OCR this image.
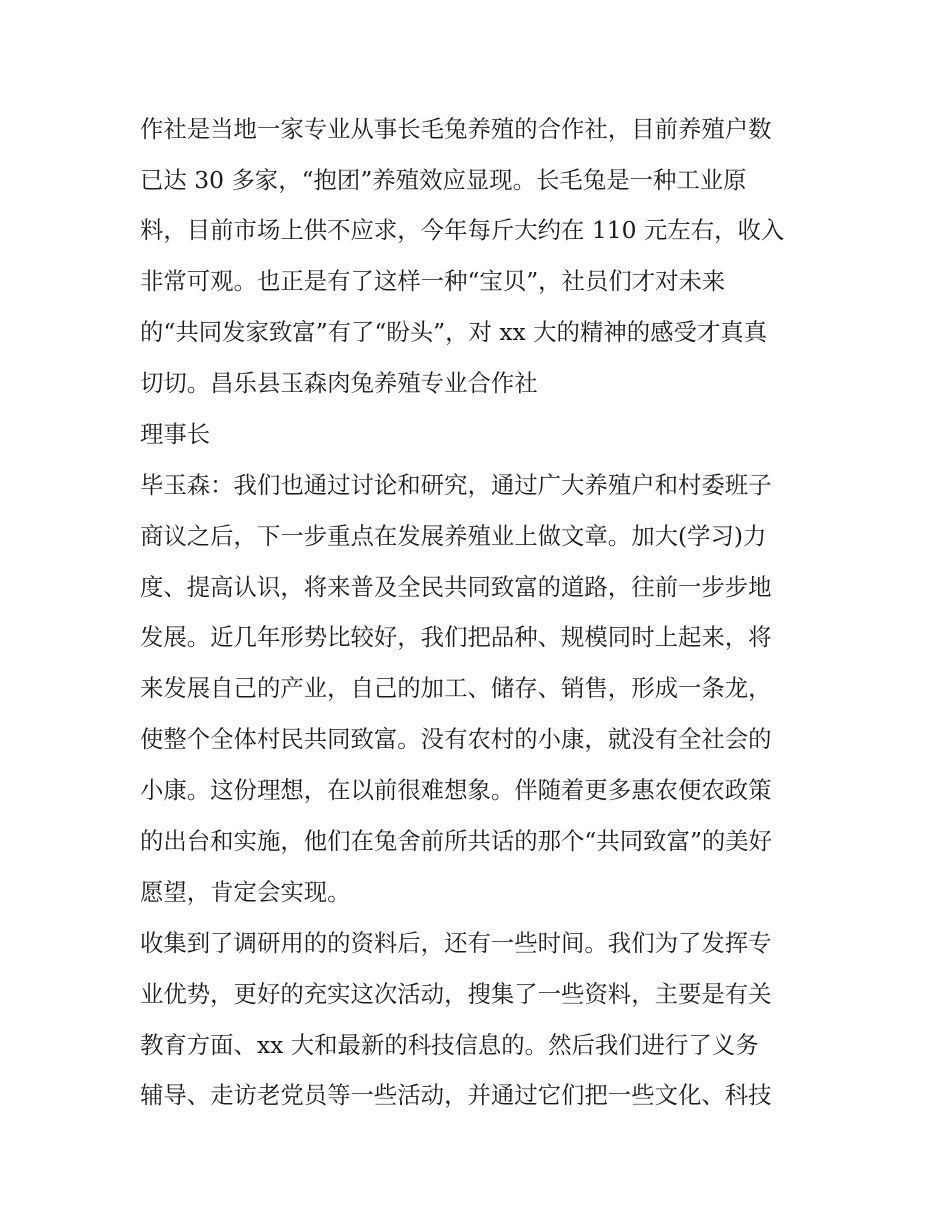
作社是当地一家专业从事长毛兔养殖的合作社，目前养殖户数

已达 30 多家，“抱团”养殖效应显现。长毛兔是一种工业原

料，目前市场上供不应求，今年每斤大约在 110 元左右，收入

非常可观。也正是有了这样一种“宝贝”，社员们才对未来

的“共同发家致富”有了“盼头”，对 xx 大的精神的感受才真真

切切。昌乐县玉森肉兔养殖专业合作社

理事长

毕玉森：我们也通过讨论和研究，通过广大养殖户和村委班子

商议之后，下一步重点在发展养殖业上做文章。加大(学习)力

度、提高认识，将来普及全民共同致富的道路，往前一步步地

发展。近几年形势比较好，我们把品种、规模同时上起来，将

来发展自己的产业，自己的加工、储存、销售，形成一条龙，

使整个全体村民共同致富。没有农村的小康，就没有全社会的

小康。这份理想，在以前很难想象。伴随着更多惠农便农政策

的出台和实施，他们在兔舍前所共话的那个“共同致富”的美好

愿望，肯定会实现。

收集到了调研用的的资料后，还有一些时间。我们为了发挥专

业优势，更好的充实这次活动，搜集了一些资料，主要是有关

教育方面、xx 大和最新的科技信息的。然后我们进行了义务

辅导、走访老党员等一些活动，并通过它们把一些文化、科技
